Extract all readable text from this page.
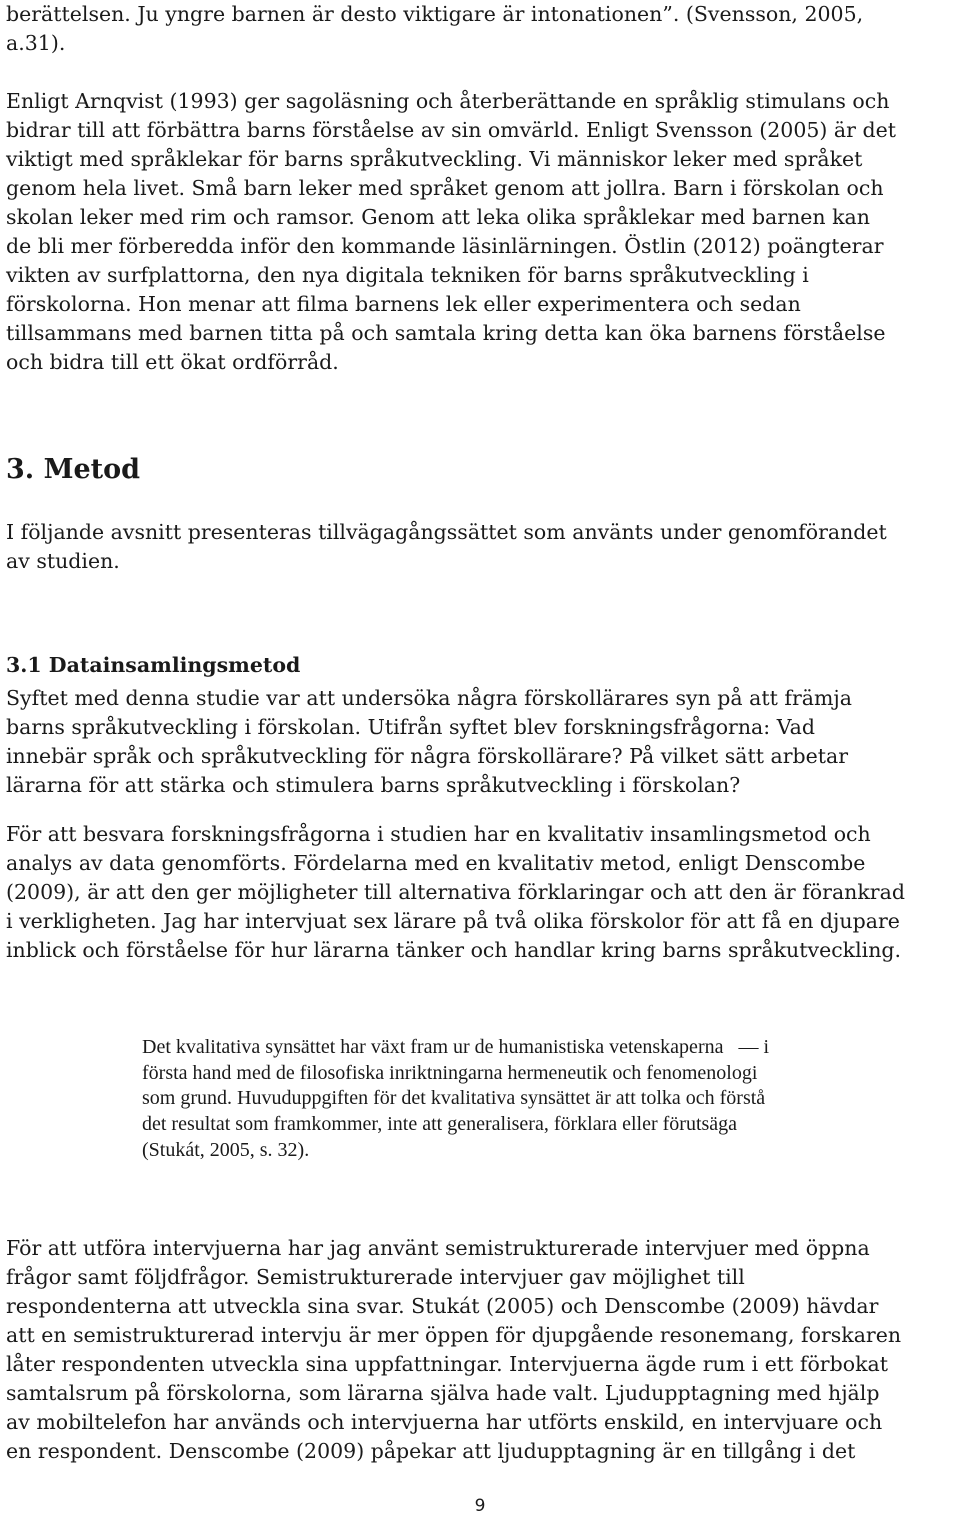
berättelsen. Ju yngre barnen är desto viktigare är intonationen”. (Svensson, 2005,
a.31).
Enligt Arnqvist (1993) ger sagoläsning och återberättande en språklig stimulans och
bidrar till att förbättra barns förståelse av sin omvärld. Enligt Svensson (2005) är det
viktigt med språklekar för barns språkutveckling. Vi människor leker med språket
genom hela livet. Små barn leker med språket genom att jollra. Barn i förskolan och
skolan leker med rim och ramsor. Genom att leka olika språklekar med barnen kan
de bli mer förberedda inför den kommande läsinlärningen. Östlin (2012) poängterar
vikten av surfplattorna, den nya digitala tekniken för barns språkutveckling i
förskolorna. Hon menar att filma barnens lek eller experimentera och sedan
tillsammans med barnen titta på och samtala kring detta kan öka barnens förståelse
och bidra till ett ökat ordförråd.
3. Metod
I följande avsnitt presenteras tillvägagångssättet som använts under genomförandet
av studien.
3.1 Datainsamlingsmetod
Syftet med denna studie var att undersöka några förskollärares syn på att främja
barns språkutveckling i förskolan. Utifrån syftet blev forskningsfrågorna: Vad
innebär språk och språkutveckling för några förskollärare? På vilket sätt arbetar
lärarna för att stärka och stimulera barns språkutveckling i förskolan?
För att besvara forskningsfrågorna i studien har en kvalitativ insamlingsmetod och
analys av data genomförts. Fördelarna med en kvalitativ metod, enligt Denscombe
(2009), är att den ger möjligheter till alternativa förklaringar och att den är förankrad
i verkligheten. Jag har intervjuat sex lärare på två olika förskolor för att få en djupare
inblick och förståelse för hur lärarna tänker och handlar kring barns språkutveckling.
Det kvalitativa synsättet har växt fram ur de humanistiska vetenskaperna  — i
första hand med de filosofiska inriktningarna hermeneutik och fenomenologi
som grund. Huvuduppgiften för det kvalitativa synsättet är att tolka och förstå
det resultat som framkommer, inte att generalisera, förklara eller förutsäga
(Stukát, 2005, s. 32).
För att utföra intervjuerna har jag använt semistrukturerade intervjuer med öppna
frågor samt följdfrågor. Semistrukturerade intervjuer gav möjlighet till
respondenterna att utveckla sina svar. Stukát (2005) och Denscombe (2009) hävdar
att en semistrukturerad intervju är mer öppen för djupgående resonemang, forskaren
låter respondenten utveckla sina uppfattningar. Intervjuerna ägde rum i ett förbokat
samtalsrum på förskolorna, som lärarna själva hade valt. Ljudupptagning med hjälp
av mobiltelefon har används och intervjuerna har utförts enskild, en intervjuare och
en respondent. Denscombe (2009) påpekar att ljudupptagning är en tillgång i det
9
